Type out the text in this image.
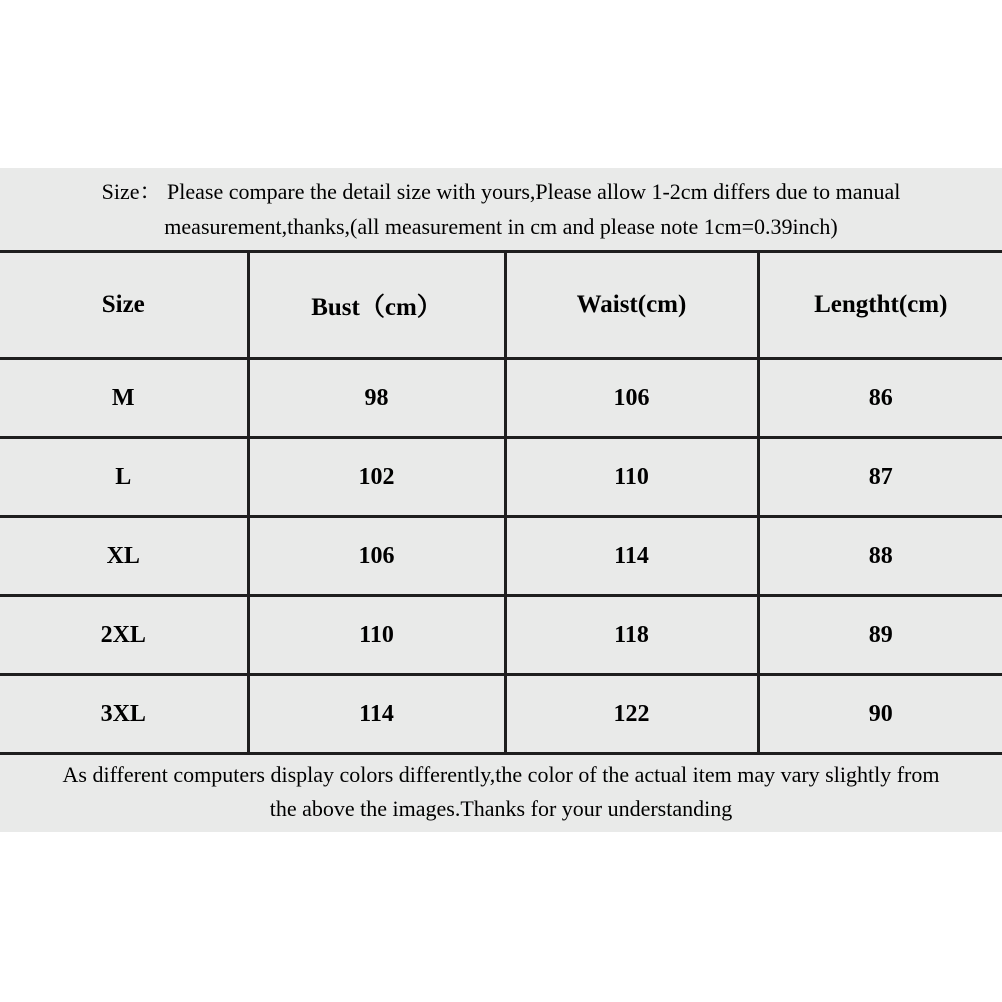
Size： Please compare the detail size with yours,Please allow 1-2cm differs due to manual
measurement,thanks,(all measurement in cm and please note 1cm=0.39inch)
Size	Bust（cm）	Waist(cm)	Lengtht(cm)
M	98	106	86
L	102	110	87
XL	106	114	88
2XL	110	118	89
3XL	114	122	90
As different computers display colors differently,the color of the actual item may vary slightly from
the above the images.Thanks for your understanding
